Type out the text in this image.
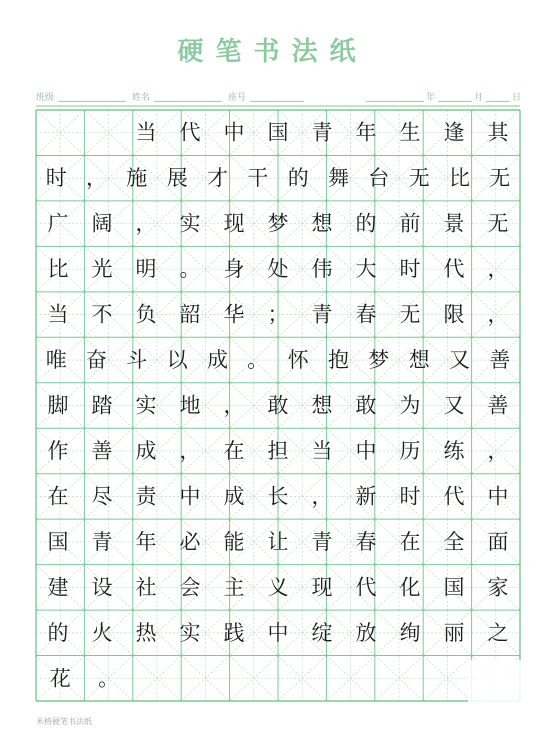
硬笔书法纸
班级	姓名	座号	年	月	日
当 代 中 国 青 年 生 逢 其
时 ， 施 展 才 干 的 舞 台 无 比 无
广 阔 ， 实 现 梦 想 的 前 景 无
比 光 明 。 身 处 伟 大 时 代 ，
当 不 负 韶 华 ； 青 春 无 限 ，
唯 奋 斗 以 成 。 怀 抱 梦 想 又 善
脚 踏 实 地 ， 敢 想 敢 为 又 善
作 善 成 ， 在 担 当 中 历 练 ，
在 尽 责 中 成 长 ， 新 时 代 中
国 青 年 必 能 让 青 春 在 全 面
建 设 社 会 主 义 现 代 化 国 家
的 火 热 实 践 中 绽 放 绚 丽 之
花 。
米格硬笔书法纸
